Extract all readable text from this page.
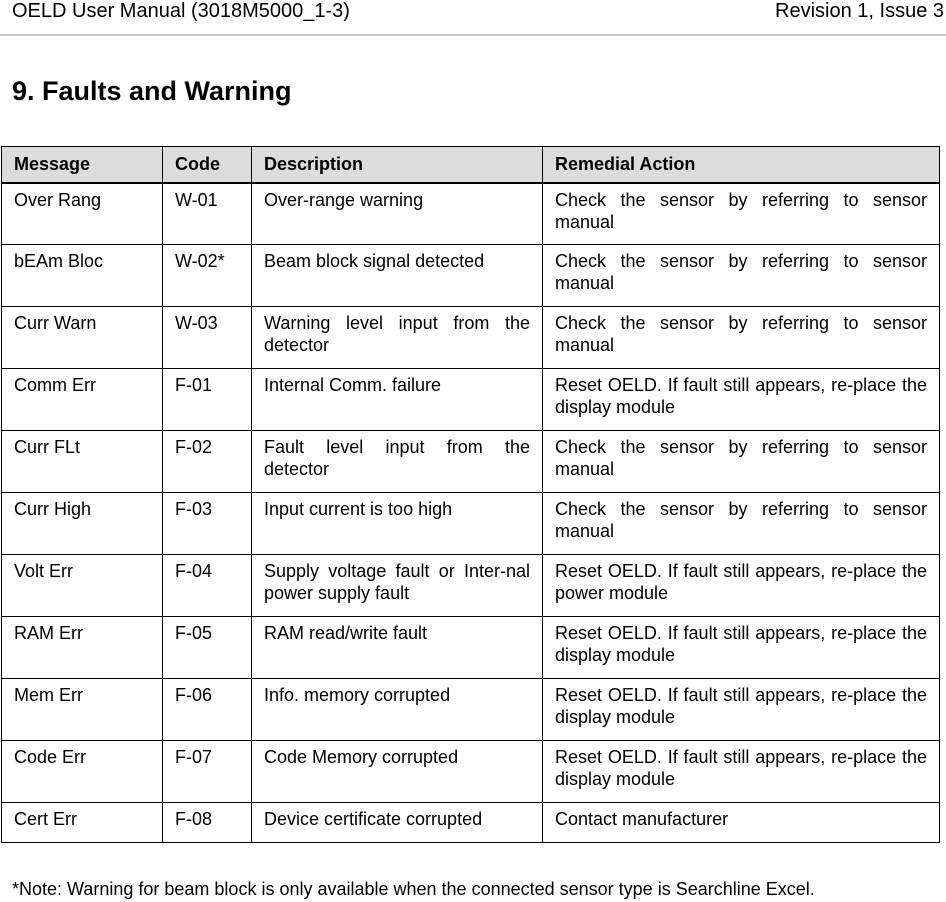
OELD User Manual (3018M5000_1-3)	Revision 1, Issue 3
9. Faults and Warning
Message	Code	Description	Remedial Action
Over Rang	W-01	Over-range warning	Check the sensor by referring to sensor manual
bEAm Bloc	W-02*	Beam block signal detected	Check the sensor by referring to sensor manual
Curr Warn	W-03	Warning level input from the detector	Check the sensor by referring to sensor manual
Comm Err	F-01	Internal Comm. failure	Reset OELD. If fault still appears, re-place the display module
Curr FLt	F-02	Fault level input from the detector	Check the sensor by referring to sensor manual
Curr High	F-03	Input current is too high	Check the sensor by referring to sensor manual
Volt Err	F-04	Supply voltage fault or Inter-nal power supply fault	Reset OELD. If fault still appears, re-place the power module
RAM Err	F-05	RAM read/write fault	Reset OELD. If fault still appears, re-place the display module
Mem Err	F-06	Info. memory corrupted	Reset OELD. If fault still appears, re-place the display module
Code Err	F-07	Code Memory corrupted	Reset OELD. If fault still appears, re-place the display module
Cert Err	F-08	Device certificate corrupted	Contact manufacturer
*Note: Warning for beam block is only available when the connected sensor type is Searchline Excel.
